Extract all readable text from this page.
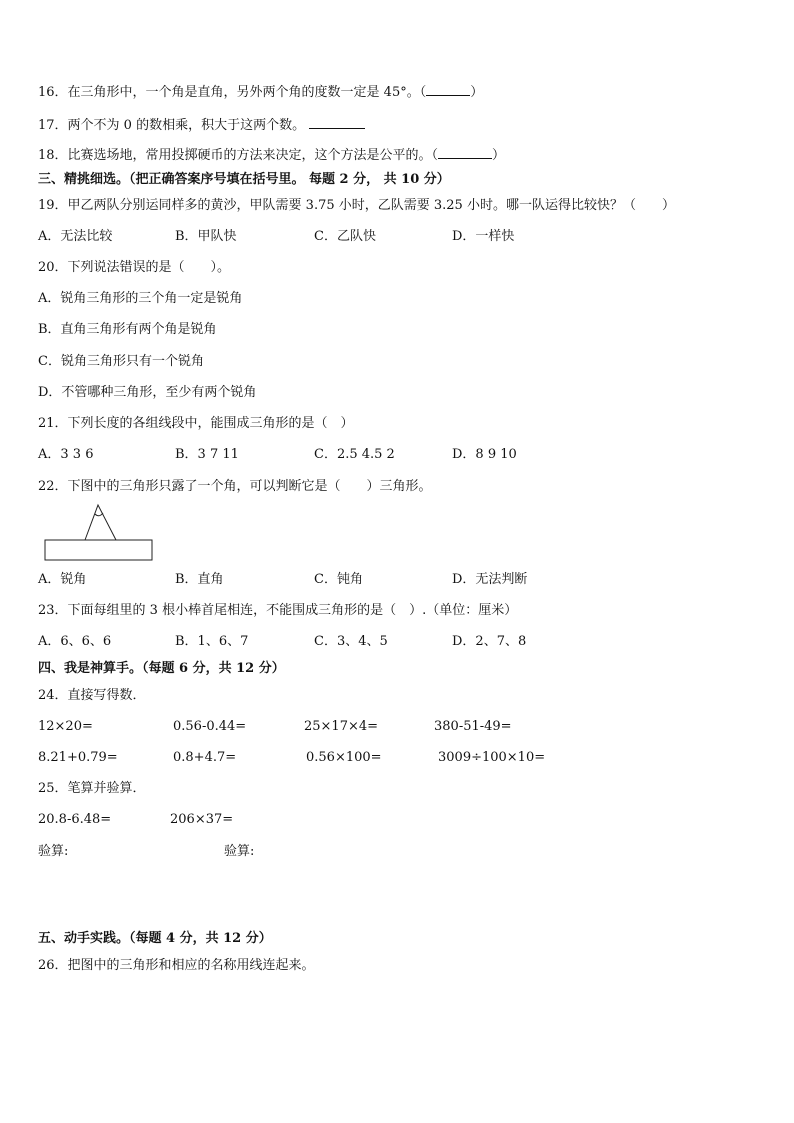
16．在三角形中，一个角是直角，另外两个角的度数一定是 45°。（	）
17．两个不为 0 的数相乘，积大于这两个数。
18．比赛选场地，常用投掷硬币的方法来决定，这个方法是公平的。（	）
三、精挑细选。（把正确答案序号填在括号里。 每题 2 分， 共 10 分）
19．甲乙两队分别运同样多的黄沙，甲队需要 3.75 小时，乙队需要 3.25 小时。哪一队运得比较快？（　　）
A．无法比较	B．甲队快	C．乙队快	D．一样快
20．下列说法错误的是（　　）。
A．锐角三角形的三个角一定是锐角
B．直角三角形有两个角是锐角
C．锐角三角形只有一个锐角
D．不管哪种三角形，至少有两个锐角
21．下列长度的各组线段中，能围成三角形的是（　）
A．3 3 6	B．3 7 11	C．2.5 4.5 2	D．8 9 10
22．下图中的三角形只露了一个角，可以判断它是（　　）三角形。
A．锐角	B．直角	C．钝角	D．无法判断
23．下面每组里的 3 根小棒首尾相连，不能围成三角形的是（　）.（单位：厘米）
A．6、6、6	B．1、6、7	C．3、4、5	D．2、7、8
四、我是神算手。（每题 6 分，共 12 分）
24．直接写得数．
12×20=	0.56-0.44=	25×17×4=	380-51-49=
8.21+0.79=	0.8+4.7=	0.56×100=	3009÷100×10=
25．笔算并验算．
20.8-6.48=	206×37=
验算:	验算:
五、动手实践。（每题 4 分，共 12 分）
26．把图中的三角形和相应的名称用线连起来。
